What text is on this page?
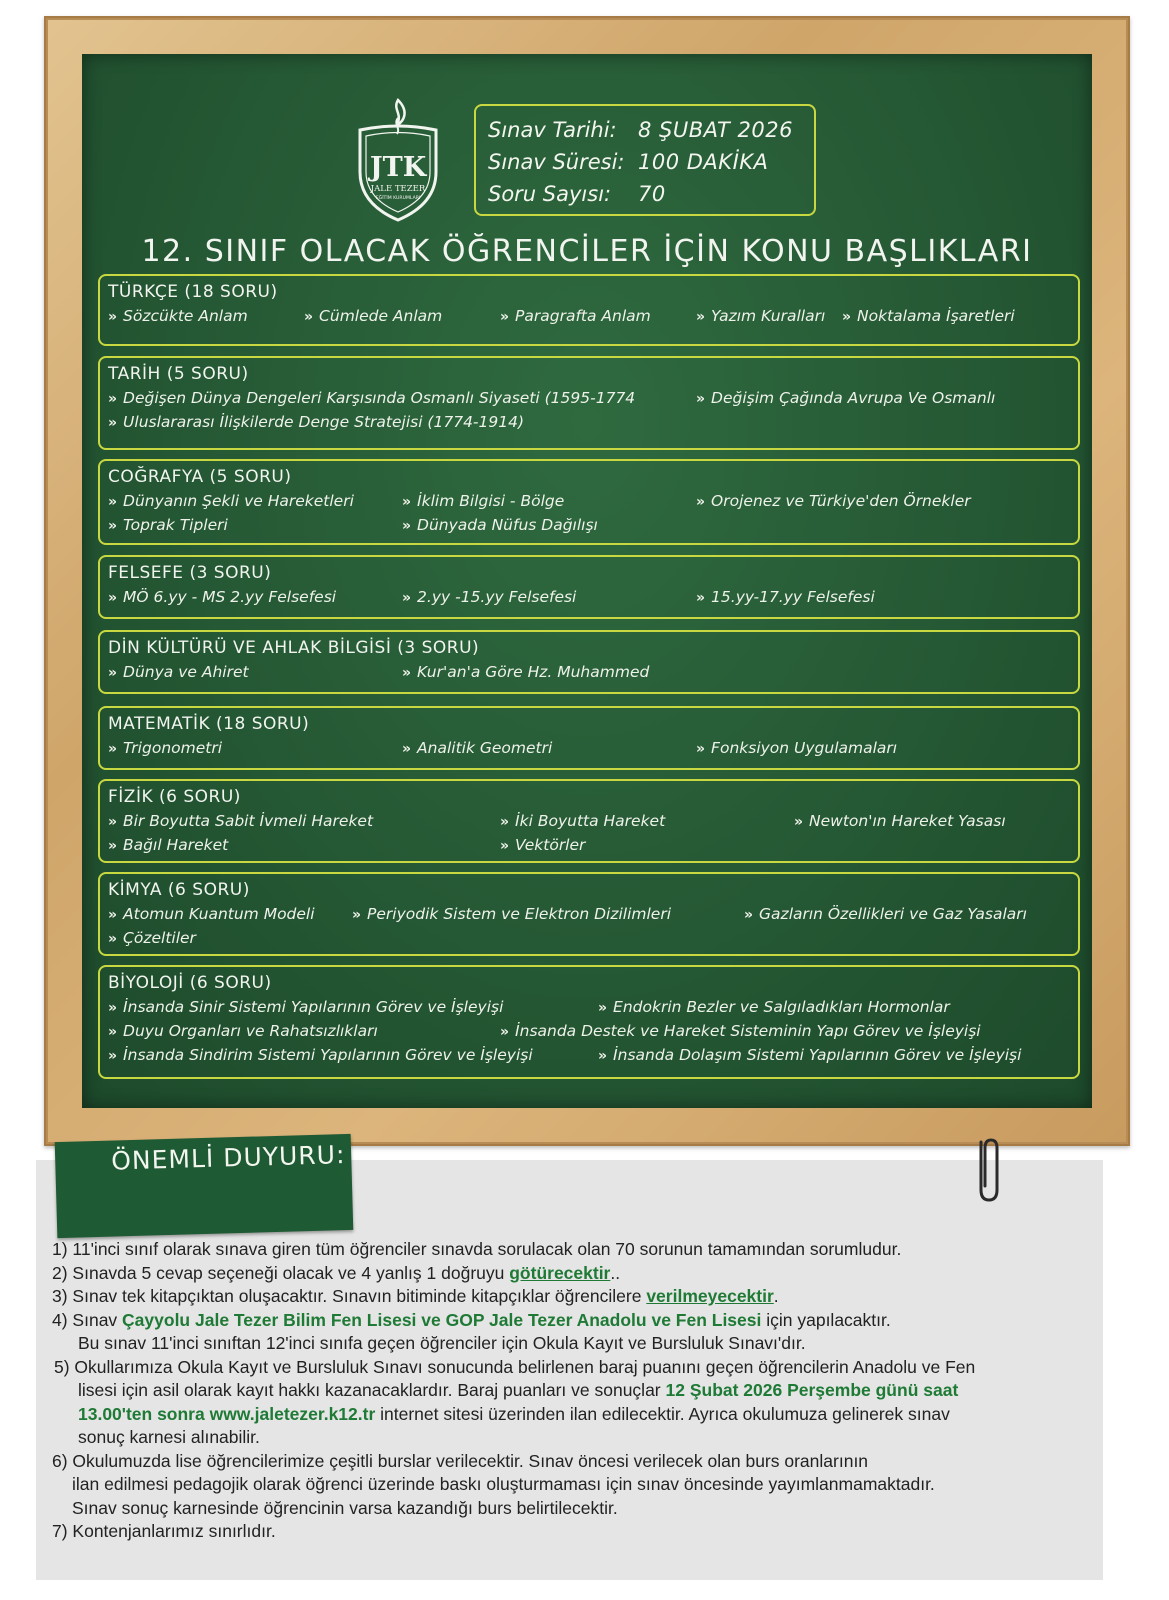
JTK
JALE TEZER
EĞİTİM KURUMLARI
Sınav Tarihi:	8 ŞUBAT 2026
Sınav Süresi: 100 DAKİKA
Soru Sayısı:	70
12. SINIF OLACAK ÖĞRENCİLER İÇİN KONU BAŞLIKLARI
TÜRKÇE (18 SORU)
» Sözcükte Anlam	» Cümlede Anlam	» Paragrafta Anlam	» Yazım Kuralları » Noktalama İşaretleri
TARİH (5 SORU)
» Değişen Dünya Dengeleri Karşısında Osmanlı Siyaseti (1595-1774	» Değişim Çağında Avrupa Ve Osmanlı
» Uluslararası İlişkilerde Denge Stratejisi (1774-1914)
COĞRAFYA (5 SORU)
» Dünyanın Şekli ve Hareketleri	» İklim Bilgisi - Bölge	» Orojenez ve Türkiye'den Örnekler
» Toprak Tipleri	» Dünyada Nüfus Dağılışı
FELSEFE (3 SORU)
» MÖ 6.yy - MS 2.yy Felsefesi	» 2.yy -15.yy Felsefesi	» 15.yy-17.yy Felsefesi
DİN KÜLTÜRÜ VE AHLAK BİLGİSİ (3 SORU)
» Dünya ve Ahiret	» Kur'an'a Göre Hz. Muhammed
MATEMATİK (18 SORU)
» Trigonometri	» Analitik Geometri	» Fonksiyon Uygulamaları
FİZİK (6 SORU)
» Bir Boyutta Sabit İvmeli Hareket	» İki Boyutta Hareket	» Newton'ın Hareket Yasası
» Bağıl Hareket	» Vektörler
KİMYA (6 SORU)
» Atomun Kuantum Modeli	» Periyodik Sistem ve Elektron Dizilimleri	» Gazların Özellikleri ve Gaz Yasaları
» Çözeltiler
BİYOLOJİ (6 SORU)
» İnsanda Sinir Sistemi Yapılarının Görev ve İşleyişi	» Endokrin Bezler ve Salgıladıkları Hormonlar
» Duyu Organları ve Rahatsızlıkları	» İnsanda Destek ve Hareket Sisteminin Yapı Görev ve İşleyişi
» İnsanda Sindirim Sistemi Yapılarının Görev ve İşleyişi	» İnsanda Dolaşım Sistemi Yapılarının Görev ve İşleyişi
ÖNEMLİ DUYURU:
1) 11'inci sınıf olarak sınava giren tüm öğrenciler sınavda sorulacak olan 70 sorunun tamamından sorumludur.
2) Sınavda 5 cevap seçeneği olacak ve 4 yanlış 1 doğruyu götürecektir..
3) Sınav tek kitapçıktan oluşacaktır. Sınavın bitiminde kitapçıklar öğrencilere verilmeyecektir.
4) Sınav Çayyolu Jale Tezer Bilim Fen Lisesi ve GOP Jale Tezer Anadolu ve Fen Lisesi için yapılacaktır.
Bu sınav 11'inci sınıftan 12'inci sınıfa geçen öğrenciler için Okula Kayıt ve Bursluluk Sınavı'dır.
5) Okullarımıza Okula Kayıt ve Bursluluk Sınavı sonucunda belirlenen baraj puanını geçen öğrencilerin Anadolu ve Fen
lisesi için asil olarak kayıt hakkı kazanacaklardır. Baraj puanları ve sonuçlar 12 Şubat 2026 Perşembe günü saat
13.00'ten sonra www.jaletezer.k12.tr internet sitesi üzerinden ilan edilecektir. Ayrıca okulumuza gelinerek sınav
sonuç karnesi alınabilir.
6) Okulumuzda lise öğrencilerimize çeşitli burslar verilecektir. Sınav öncesi verilecek olan burs oranlarının
ilan edilmesi pedagojik olarak öğrenci üzerinde baskı oluşturmaması için sınav öncesinde yayımlanmamaktadır.
Sınav sonuç karnesinde öğrencinin varsa kazandığı burs belirtilecektir.
7) Kontenjanlarımız sınırlıdır.
